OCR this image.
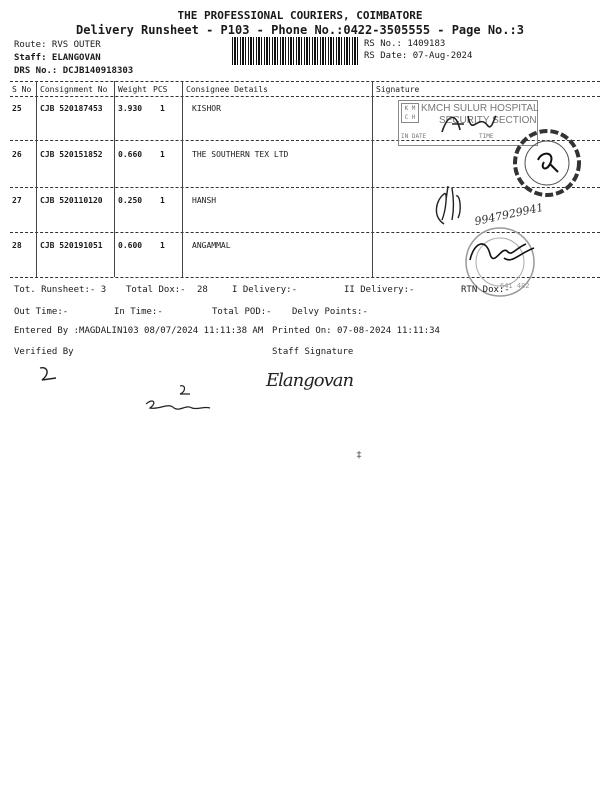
THE PROFESSIONAL COURIERS, COIMBATORE
Delivery Runsheet - P103 - Phone No.:0422-3505555 - Page No.:3
Route: RVS OUTER
Staff: ELANGOVAN
DRS No.: DCJB140918303
RS No.: 1409183
RS Date: 07-Aug-2024
S No Consignment No Weight PCS Consignee Details	Signature
25 CJB 520187453 3.930 1	KISHOR
26 CJB 520151852 0.660 1	THE SOUTHERN TEX LTD
27 CJB 520110120 0.250 1	HANSH
28 CJB 520191051 0.600 1	ANGAMMAL
K M
C H
KMCH SULUR HOSPITAL
SECURITY SECTION
IN DATE	TIME
9947929941
641 402
Tot. Runsheet:- 3 Total Dox:- 28	I Delivery:-	II Delivery:-	RTN Dox:-
Out Time:-	In Time:-	Total POD:- Delvy Points:-
Entered By :MAGDALIN103 08/07/2024 11:11:38 AM Printed On: 07-08-2024 11:11:34
Verified By	Staff Signature
Elangovan
‡
